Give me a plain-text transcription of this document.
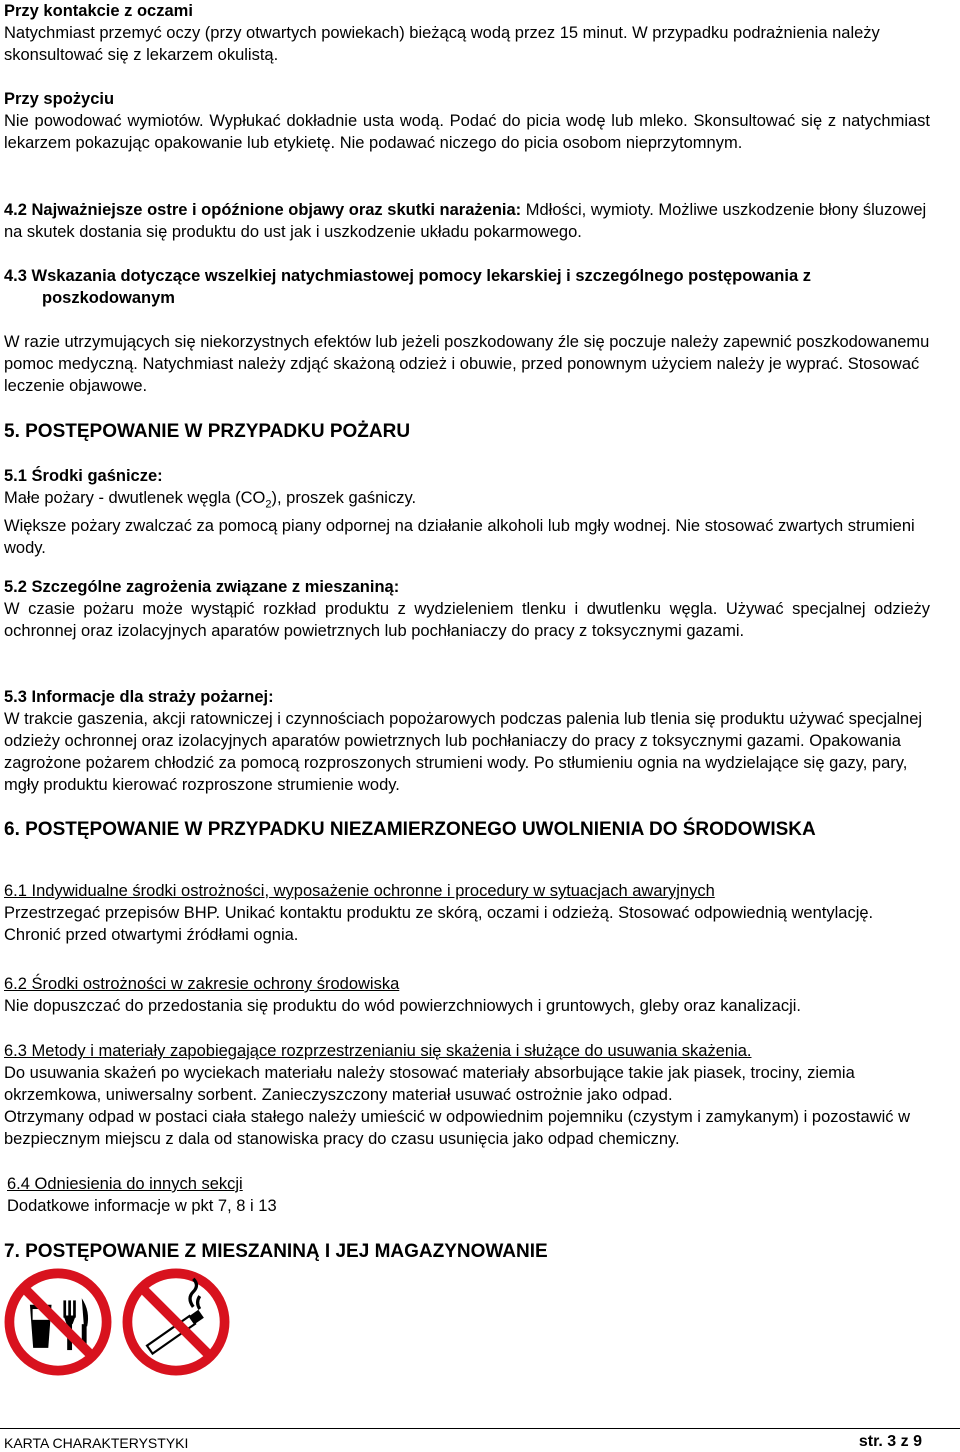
Przy kontakcie z oczami

Natychmiast przemyć oczy (przy otwartych powiekach) bieżącą wodą przez 15 minut. W przypadku podrażnienia należy skonsultować się z lekarzem okulistą.

Przy spożyciu

Nie powodować wymiotów. Wypłukać dokładnie usta wodą. Podać do picia wodę lub mleko. Skonsultować się z natychmiast lekarzem pokazując opakowanie lub etykietę. Nie podawać niczego do picia osobom nieprzytomnym.

4.2 Najważniejsze ostre i opóźnione objawy oraz skutki narażenia: Mdłości, wymioty. Możliwe uszkodzenie błony śluzowej na skutek dostania się produktu do ust jak i uszkodzenie układu pokarmowego.

4.3 Wskazania dotyczące wszelkiej natychmiastowej pomocy lekarskiej i szczególnego postępowania z poszkodowanym

W razie utrzymujących się niekorzystnych efektów lub jeżeli poszkodowany źle się poczuje należy zapewnić poszkodowanemu pomoc medyczną. Natychmiast należy zdjąć skażoną odzież i obuwie, przed ponownym użyciem należy je wyprać. Stosować leczenie objawowe.

5. POSTĘPOWANIE W PRZYPADKU POŻARU

5.1 Środki gaśnicze:

Małe pożary - dwutlenek węgla $(CO_2)$, proszek gaśniczy.

Większe pożary zwalczać za pomocą piany odpornej na działanie alkoholi lub mgły wodnej. Nie stosować zwartych strumieni wody.

5.2 Szczególne zagrożenia związane z mieszaniną:

W czasie pożaru może wystąpić rozkład produktu z wydzieleniem tlenku i dwutlenku węgla. Używać specjalnej odzieży ochronnej oraz izolacyjnych aparatów powietrznych lub pochłaniaczy do pracy z toksycznymi gazami.

5.3 Informacje dla straży pożarnej:

W trakcie gaszenia, akcji ratowniczej i czynnościach popożarowych podczas palenia lub tlenia się produktu używać specjalnej odzieży ochronnej oraz izolacyjnych aparatów powietrznych lub pochłaniaczy do pracy z toksycznymi gazami. Opakowania zagrożone pożarem chłodzić za pomocą rozproszonych strumieni wody. Po stłumieniu ognia na wydzielające się gazy, pary, mgły produktu kierować rozproszone strumienie wody.

6. POSTĘPOWANIE W PRZYPADKU NIEZAMIERZONEGO UWOLNIENIA DO ŚRODOWISKA

6.1 Indywidualne środki ostrożności, wyposażenie ochronne i procedury w sytuacjach awaryjnych

Przestrzegać przepisów BHP. Unikać kontaktu produktu ze skórą, oczami i odzieżą. Stosować odpowiednią wentylację. Chronić przed otwartymi źródłami ognia.

6.2 Środki ostrożności w zakresie ochrony środowiska

Nie dopuszczać do przedostania się produktu do wód powierzchniowych i gruntowych, gleby oraz kanalizacji.

6.3 Metody i materiały zapobiegające rozprzestrzenianiu się skażenia i służące do usuwania skażenia.

Do usuwania skażeń po wyciekach materiału należy stosować materiały absorbujące takie jak piasek, trociny, ziemia okrzemkowa, uniwersalny sorbent. Zanieczyszczony materiał usuwać ostrożnie jako odpad.

Otrzymany odpad w postaci ciała stałego należy umieścić w odpowiednim pojemniku (czystym i zamykanym) i pozostawić w bezpiecznym miejscu z dala od stanowiska pracy do czasu usunięcia jako odpad chemiczny.

6.4 Odniesienia do innych sekcji

Dodatkowe informacje w pkt 7, 8 i 13

7. POSTĘPOWANIE Z MIESZANINĄ I JEJ MAGAZYNOWANIE

KARTA CHARAKTERYSTYKI	str. 3 z 9
